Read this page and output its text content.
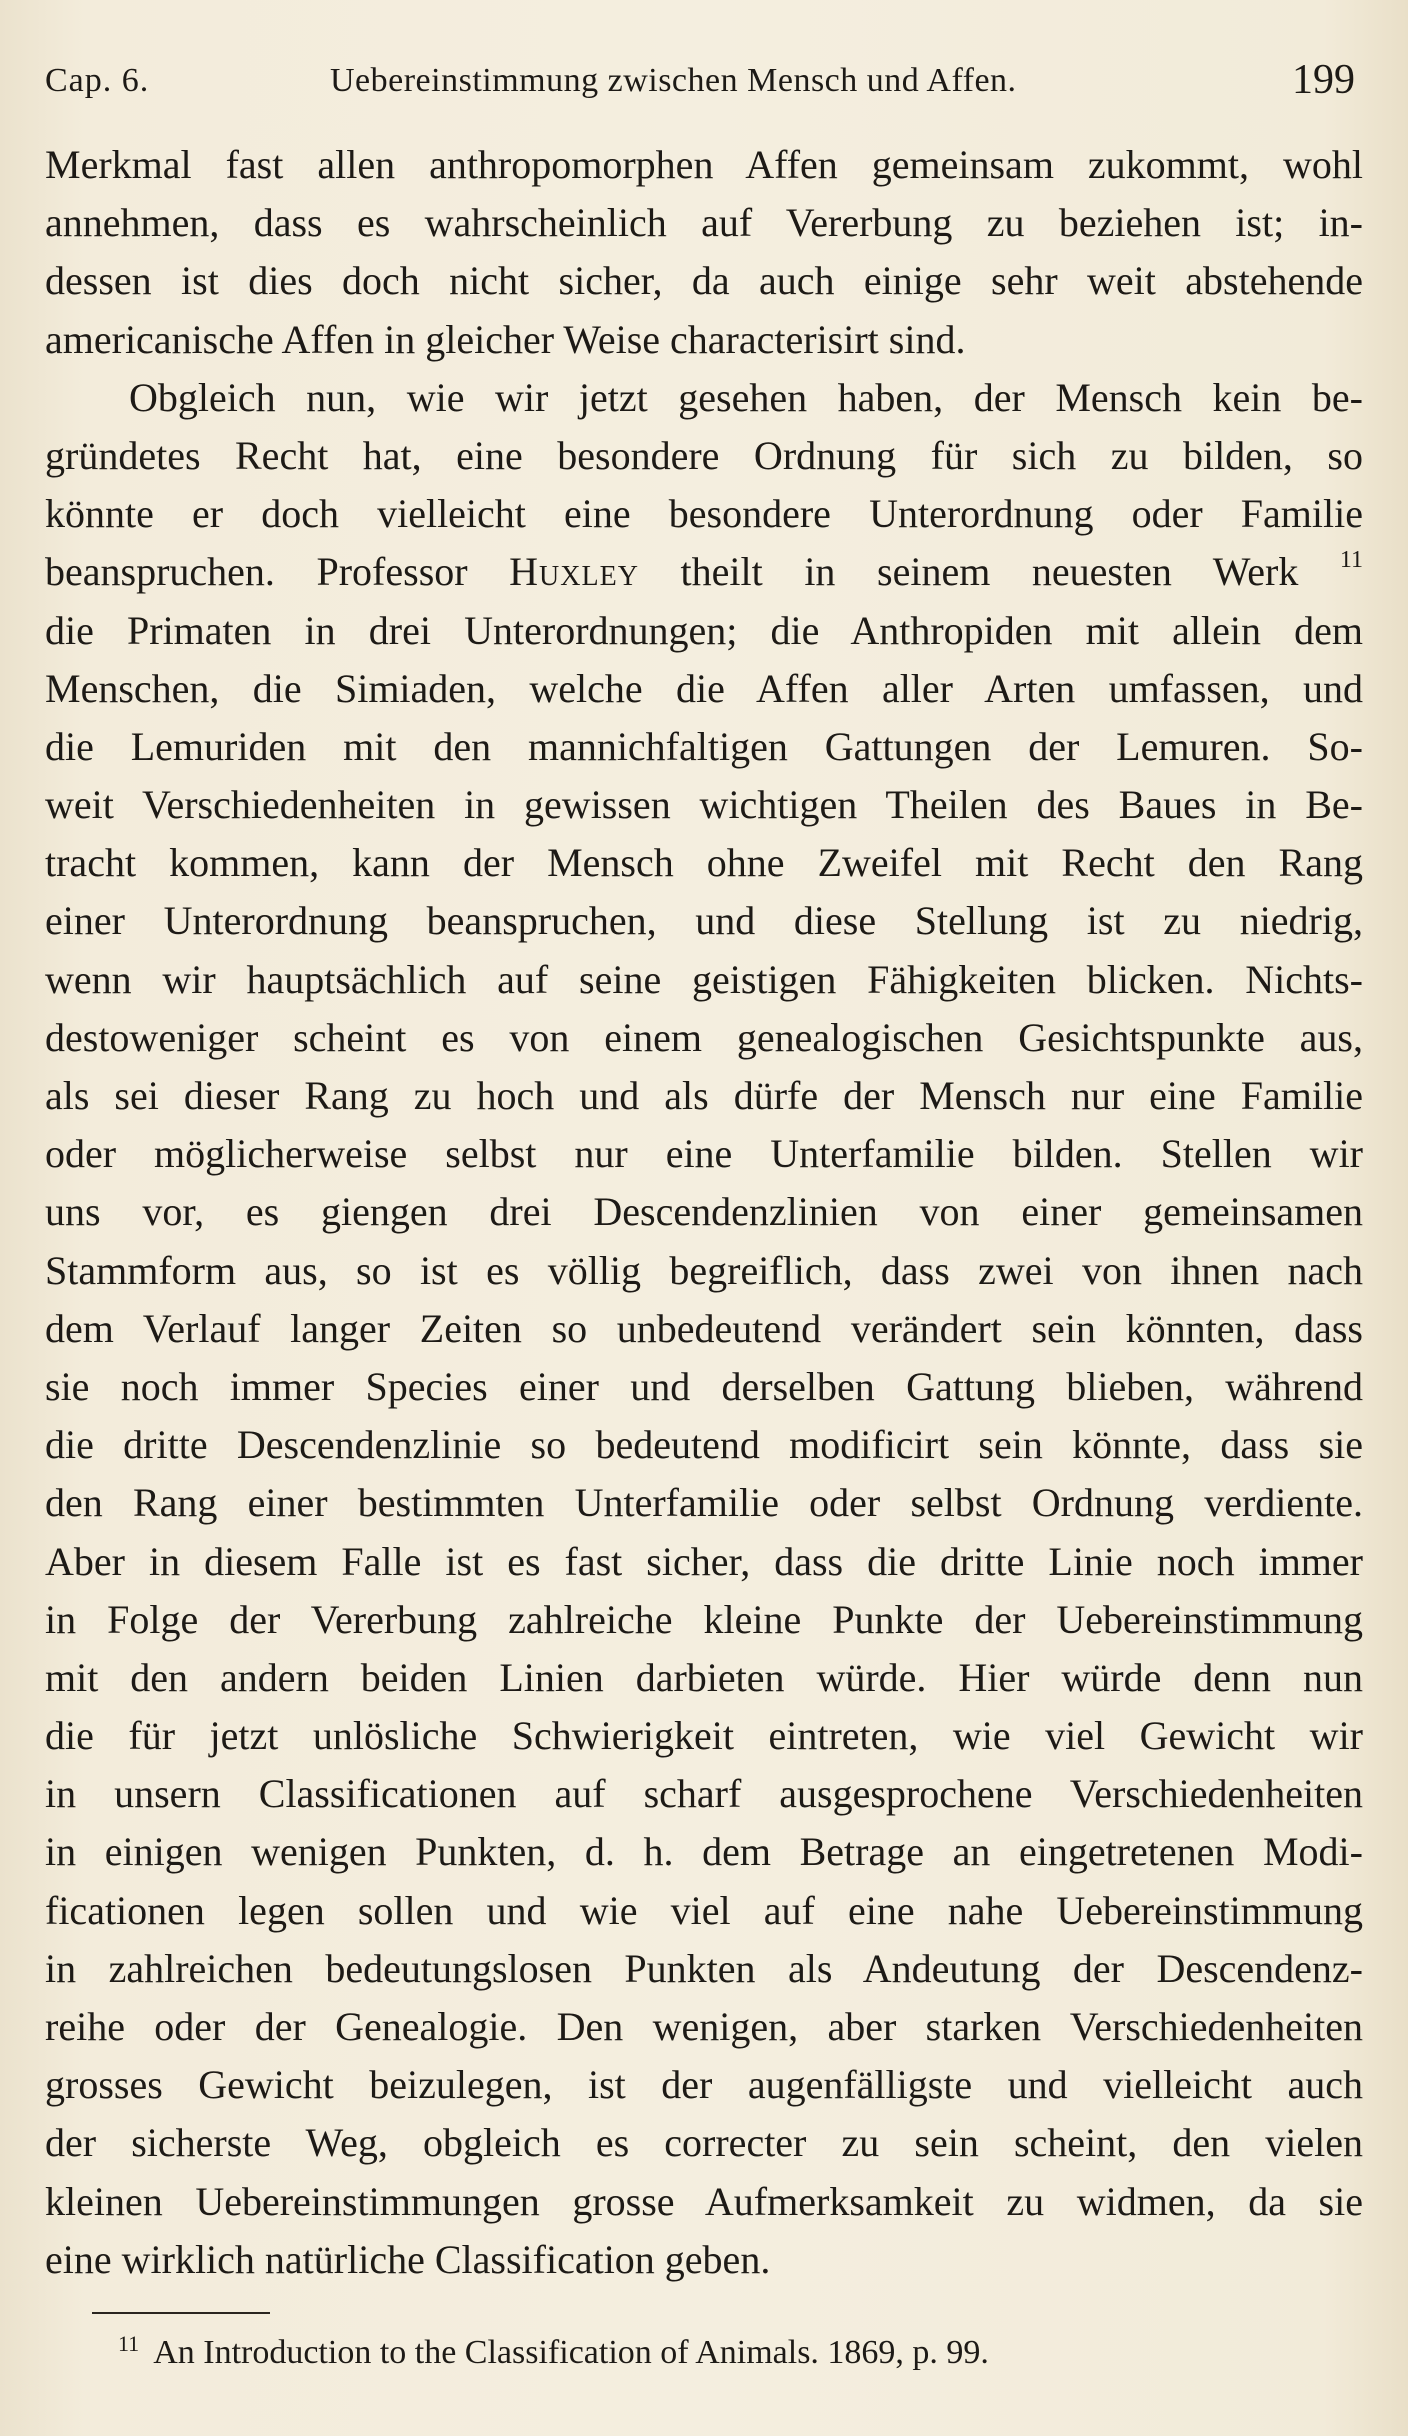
Cap. 6.	Uebereinstimmung zwischen Mensch und Affen.	199
Merkmal fast allen anthropomorphen Affen gemeinsam zukommt, wohl
annehmen, dass es wahrscheinlich auf Vererbung zu beziehen ist; in-
dessen ist dies doch nicht sicher, da auch einige sehr weit abstehende
americanische Affen in gleicher Weise characterisirt sind.
Obgleich nun, wie wir jetzt gesehen haben, der Mensch kein be-
gründetes Recht hat, eine besondere Ordnung für sich zu bilden, so
könnte er doch vielleicht eine besondere Unterordnung oder Familie
beanspruchen. Professor Huxley theilt in seinem neuesten Werk $^{11}$
die Primaten in drei Unterordnungen; die Anthropiden mit allein dem
Menschen, die Simiaden, welche die Affen aller Arten umfassen, und
die Lemuriden mit den mannichfaltigen Gattungen der Lemuren. So-
weit Verschiedenheiten in gewissen wichtigen Theilen des Baues in Be-
tracht kommen, kann der Mensch ohne Zweifel mit Recht den Rang
einer Unterordnung beanspruchen, und diese Stellung ist zu niedrig,
wenn wir hauptsächlich auf seine geistigen Fähigkeiten blicken. Nichts-
destoweniger scheint es von einem genealogischen Gesichtspunkte aus,
als sei dieser Rang zu hoch und als dürfe der Mensch nur eine Familie
oder möglicherweise selbst nur eine Unterfamilie bilden. Stellen wir
uns vor, es giengen drei Descendenzlinien von einer gemeinsamen
Stammform aus, so ist es völlig begreiflich, dass zwei von ihnen nach
dem Verlauf langer Zeiten so unbedeutend verändert sein könnten, dass
sie noch immer Species einer und derselben Gattung blieben, während
die dritte Descendenzlinie so bedeutend modificirt sein könnte, dass sie
den Rang einer bestimmten Unterfamilie oder selbst Ordnung verdiente.
Aber in diesem Falle ist es fast sicher, dass die dritte Linie noch immer
in Folge der Vererbung zahlreiche kleine Punkte der Uebereinstimmung
mit den andern beiden Linien darbieten würde. Hier würde denn nun
die für jetzt unlösliche Schwierigkeit eintreten, wie viel Gewicht wir
in unsern Classificationen auf scharf ausgesprochene Verschiedenheiten
in einigen wenigen Punkten, d. h. dem Betrage an eingetretenen Modi-
ficationen legen sollen und wie viel auf eine nahe Uebereinstimmung
in zahlreichen bedeutungslosen Punkten als Andeutung der Descendenz-
reihe oder der Genealogie. Den wenigen, aber starken Verschiedenheiten
grosses Gewicht beizulegen, ist der augenfälligste und vielleicht auch
der sicherste Weg, obgleich es correcter zu sein scheint, den vielen
kleinen Uebereinstimmungen grosse Aufmerksamkeit zu widmen, da sie
eine wirklich natürliche Classification geben.
$^{11}$ An Introduction to the Classification of Animals. 1869, p. 99.
